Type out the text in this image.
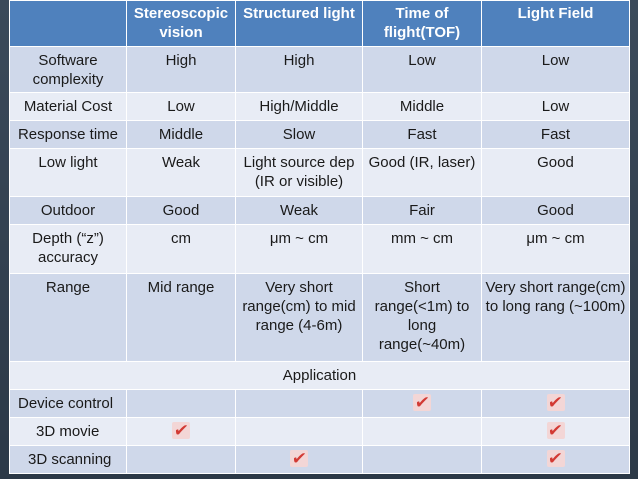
	Stereoscopic vision	Structured light	Time of flight(TOF)	Light Field
Software complexity	High	High	Low	Low
Material Cost	Low	High/Middle	Middle	Low
Response time	Middle	Slow	Fast	Fast
Low light	Weak	Light source dep (IR or visible)	Good (IR, laser)	Good
Outdoor	Good	Weak	Fair	Good
Depth (“z”) accuracy	cm	μm ~ cm	mm ~ cm	μm ~ cm
Range	Mid range	Very short range(cm) to mid range (4-6m)	Short range(<1m) to long range(~40m)	Very short range(cm) to long rang (~100m)
Application				
Device control			✔	✔
3D movie	✔			✔
3D scanning		✔		✔
